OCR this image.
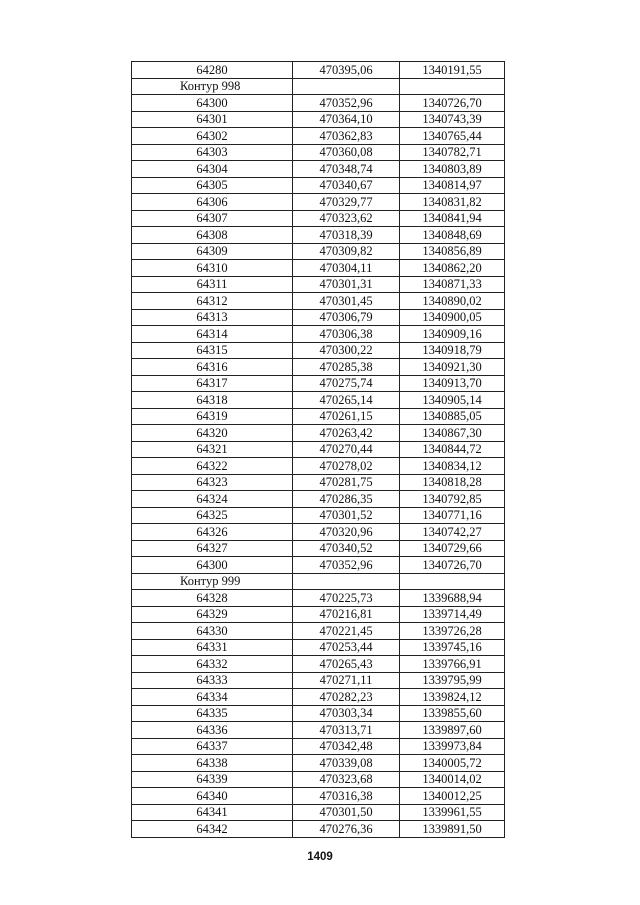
64280	470395,06	1340191,55
Контур 998		
64300	470352,96	1340726,70
64301	470364,10	1340743,39
64302	470362,83	1340765,44
64303	470360,08	1340782,71
64304	470348,74	1340803,89
64305	470340,67	1340814,97
64306	470329,77	1340831,82
64307	470323,62	1340841,94
64308	470318,39	1340848,69
64309	470309,82	1340856,89
64310	470304,11	1340862,20
64311	470301,31	1340871,33
64312	470301,45	1340890,02
64313	470306,79	1340900,05
64314	470306,38	1340909,16
64315	470300,22	1340918,79
64316	470285,38	1340921,30
64317	470275,74	1340913,70
64318	470265,14	1340905,14
64319	470261,15	1340885,05
64320	470263,42	1340867,30
64321	470270,44	1340844,72
64322	470278,02	1340834,12
64323	470281,75	1340818,28
64324	470286,35	1340792,85
64325	470301,52	1340771,16
64326	470320,96	1340742,27
64327	470340,52	1340729,66
64300	470352,96	1340726,70
Контур 999		
64328	470225,73	1339688,94
64329	470216,81	1339714,49
64330	470221,45	1339726,28
64331	470253,44	1339745,16
64332	470265,43	1339766,91
64333	470271,11	1339795,99
64334	470282,23	1339824,12
64335	470303,34	1339855,60
64336	470313,71	1339897,60
64337	470342,48	1339973,84
64338	470339,08	1340005,72
64339	470323,68	1340014,02
64340	470316,38	1340012,25
64341	470301,50	1339961,55
64342	470276,36	1339891,50
1409
